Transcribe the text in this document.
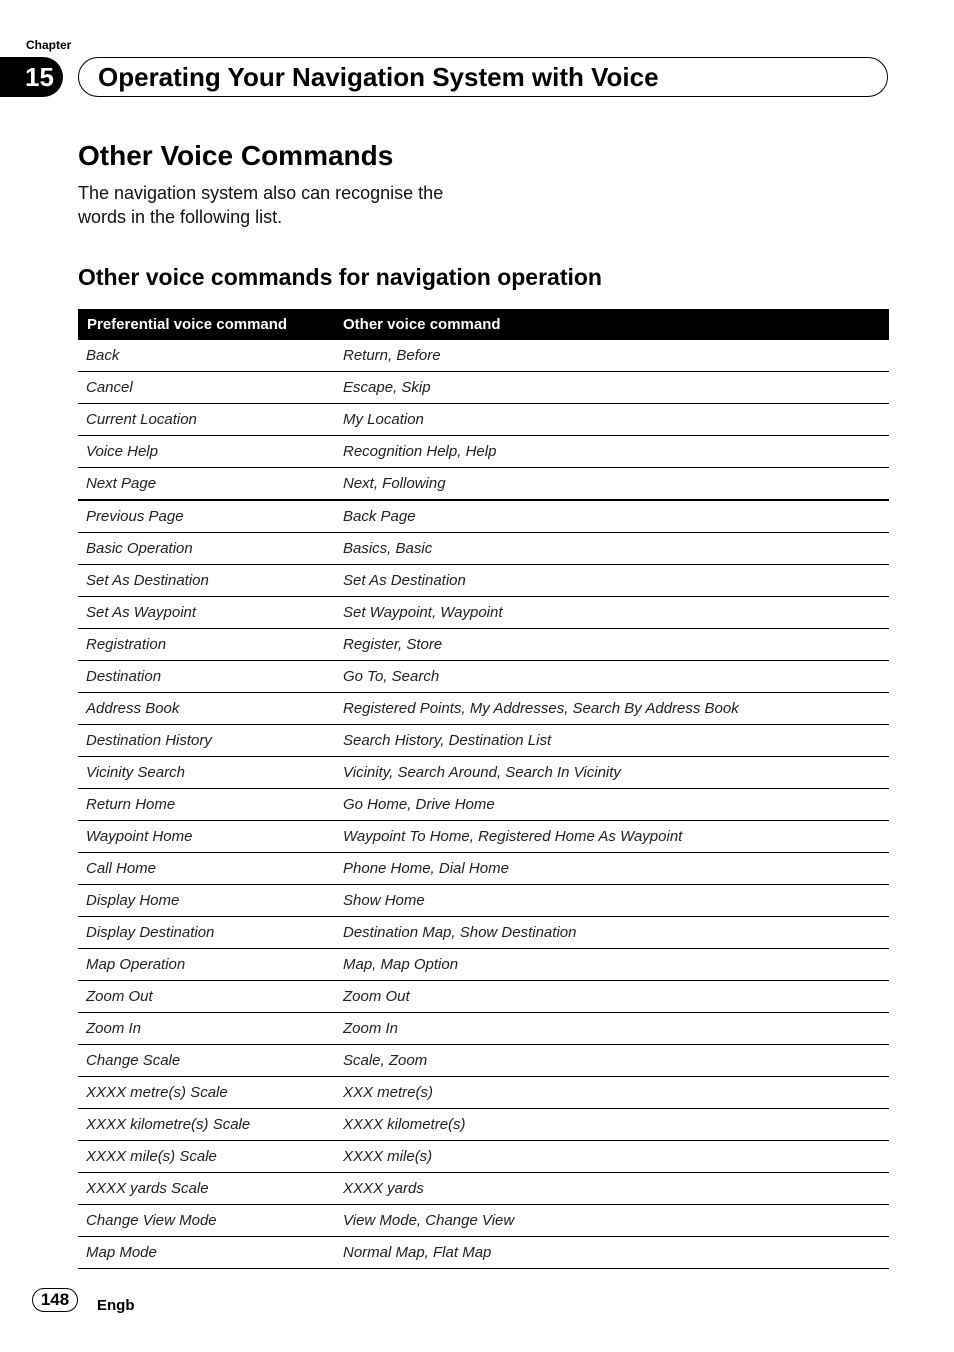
Chapter
15	Operating Your Navigation System with Voice
Other Voice Commands

The navigation system also can recognise the words in the following list.

Other voice commands for navigation operation
Preferential voice command	Other voice command
Back	Return, Before
Cancel	Escape, Skip
Current Location	My Location
Voice Help	Recognition Help, Help
Next Page	Next, Following
Previous Page	Back Page
Basic Operation	Basics, Basic
Set As Destination	Set As Destination
Set As Waypoint	Set Waypoint, Waypoint
Registration	Register, Store
Destination	Go To, Search
Address Book	Registered Points, My Addresses, Search By Address Book
Destination History	Search History, Destination List
Vicinity Search	Vicinity, Search Around, Search In Vicinity
Return Home	Go Home, Drive Home
Waypoint Home	Waypoint To Home, Registered Home As Waypoint
Call Home	Phone Home, Dial Home
Display Home	Show Home
Display Destination	Destination Map, Show Destination
Map Operation	Map, Map Option
Zoom Out	Zoom Out
Zoom In	Zoom In
Change Scale	Scale, Zoom
XXXX metre(s) Scale	XXX metre(s)
XXXX kilometre(s) Scale	XXXX kilometre(s)
XXXX mile(s) Scale	XXXX mile(s)
XXXX yards Scale	XXXX yards
Change View Mode	View Mode, Change View
Map Mode	Normal Map, Flat Map
148	Engb
